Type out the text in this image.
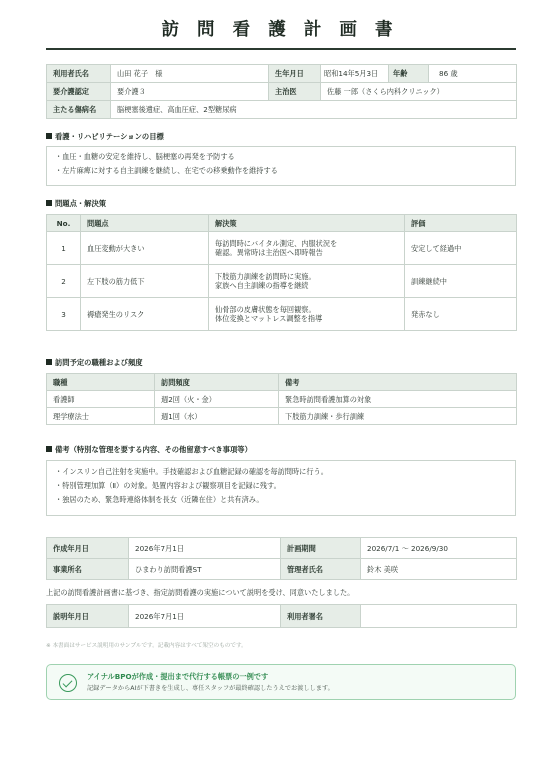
訪 問 看 護 計 画 書
利用者氏名	山田 花子　様	生年月日	昭和14年5月3日	年齢	86 歳
要介護認定	要介護３	主治医	佐藤 一郎（さくら内科クリニック）		
主たる傷病名	脳梗塞後遺症、高血圧症、2型糖尿病				
看護・リハビリテーションの目標

・血圧・血糖の安定を維持し、脳梗塞の再発を予防する

・左片麻痺に対する自主訓練を継続し、在宅での移乗動作を維持する

問題点・解決策
No.	問題点	解決策	評価
1	血圧変動が大きい	毎訪問時にバイタル測定、内服状況を
確認。異常時は主治医へ即時報告	安定して経過中
2	左下肢の筋力低下	下肢筋力訓練を訪問時に実施。
家族へ自主訓練の指導を継続	訓練継続中
3	褥瘡発生のリスク	仙骨部の皮膚状態を毎回観察。
体位変換とマットレス調整を指導	発赤なし
訪問予定の職種および頻度
職種	訪問頻度	備考
看護師	週2回（火・金）	緊急時訪問看護加算の対象
理学療法士	週1回（水）	下肢筋力訓練・歩行訓練
備考（特別な管理を要する内容、その他留意すべき事項等）

・インスリン自己注射を実施中。手技確認および血糖記録の確認を毎訪問時に行う。

・特別管理加算（Ⅱ）の対象。処置内容および観察項目を記録に残す。

・独居のため、緊急時連絡体制を長女（近隣在住）と共有済み。

作成年月日	2026年7月1日	計画期間	2026/7/1 ～ 2026/9/30
事業所名	ひまわり訪問看護ST	管理者氏名	鈴木 美咲
上記の訪問看護計画書に基づき、指定訪問看護の実施について説明を受け、同意いたしました。
説明年月日	2026年7月1日	利用者署名	
※ 本書面はサービス説明用のサンプルです。記載内容はすべて架空のものです。
アイナルBPOが作成・提出まで代行する帳票の一例です
記録データからAIが下書きを生成し、専任スタッフが最終確認したうえでお渡しします。
